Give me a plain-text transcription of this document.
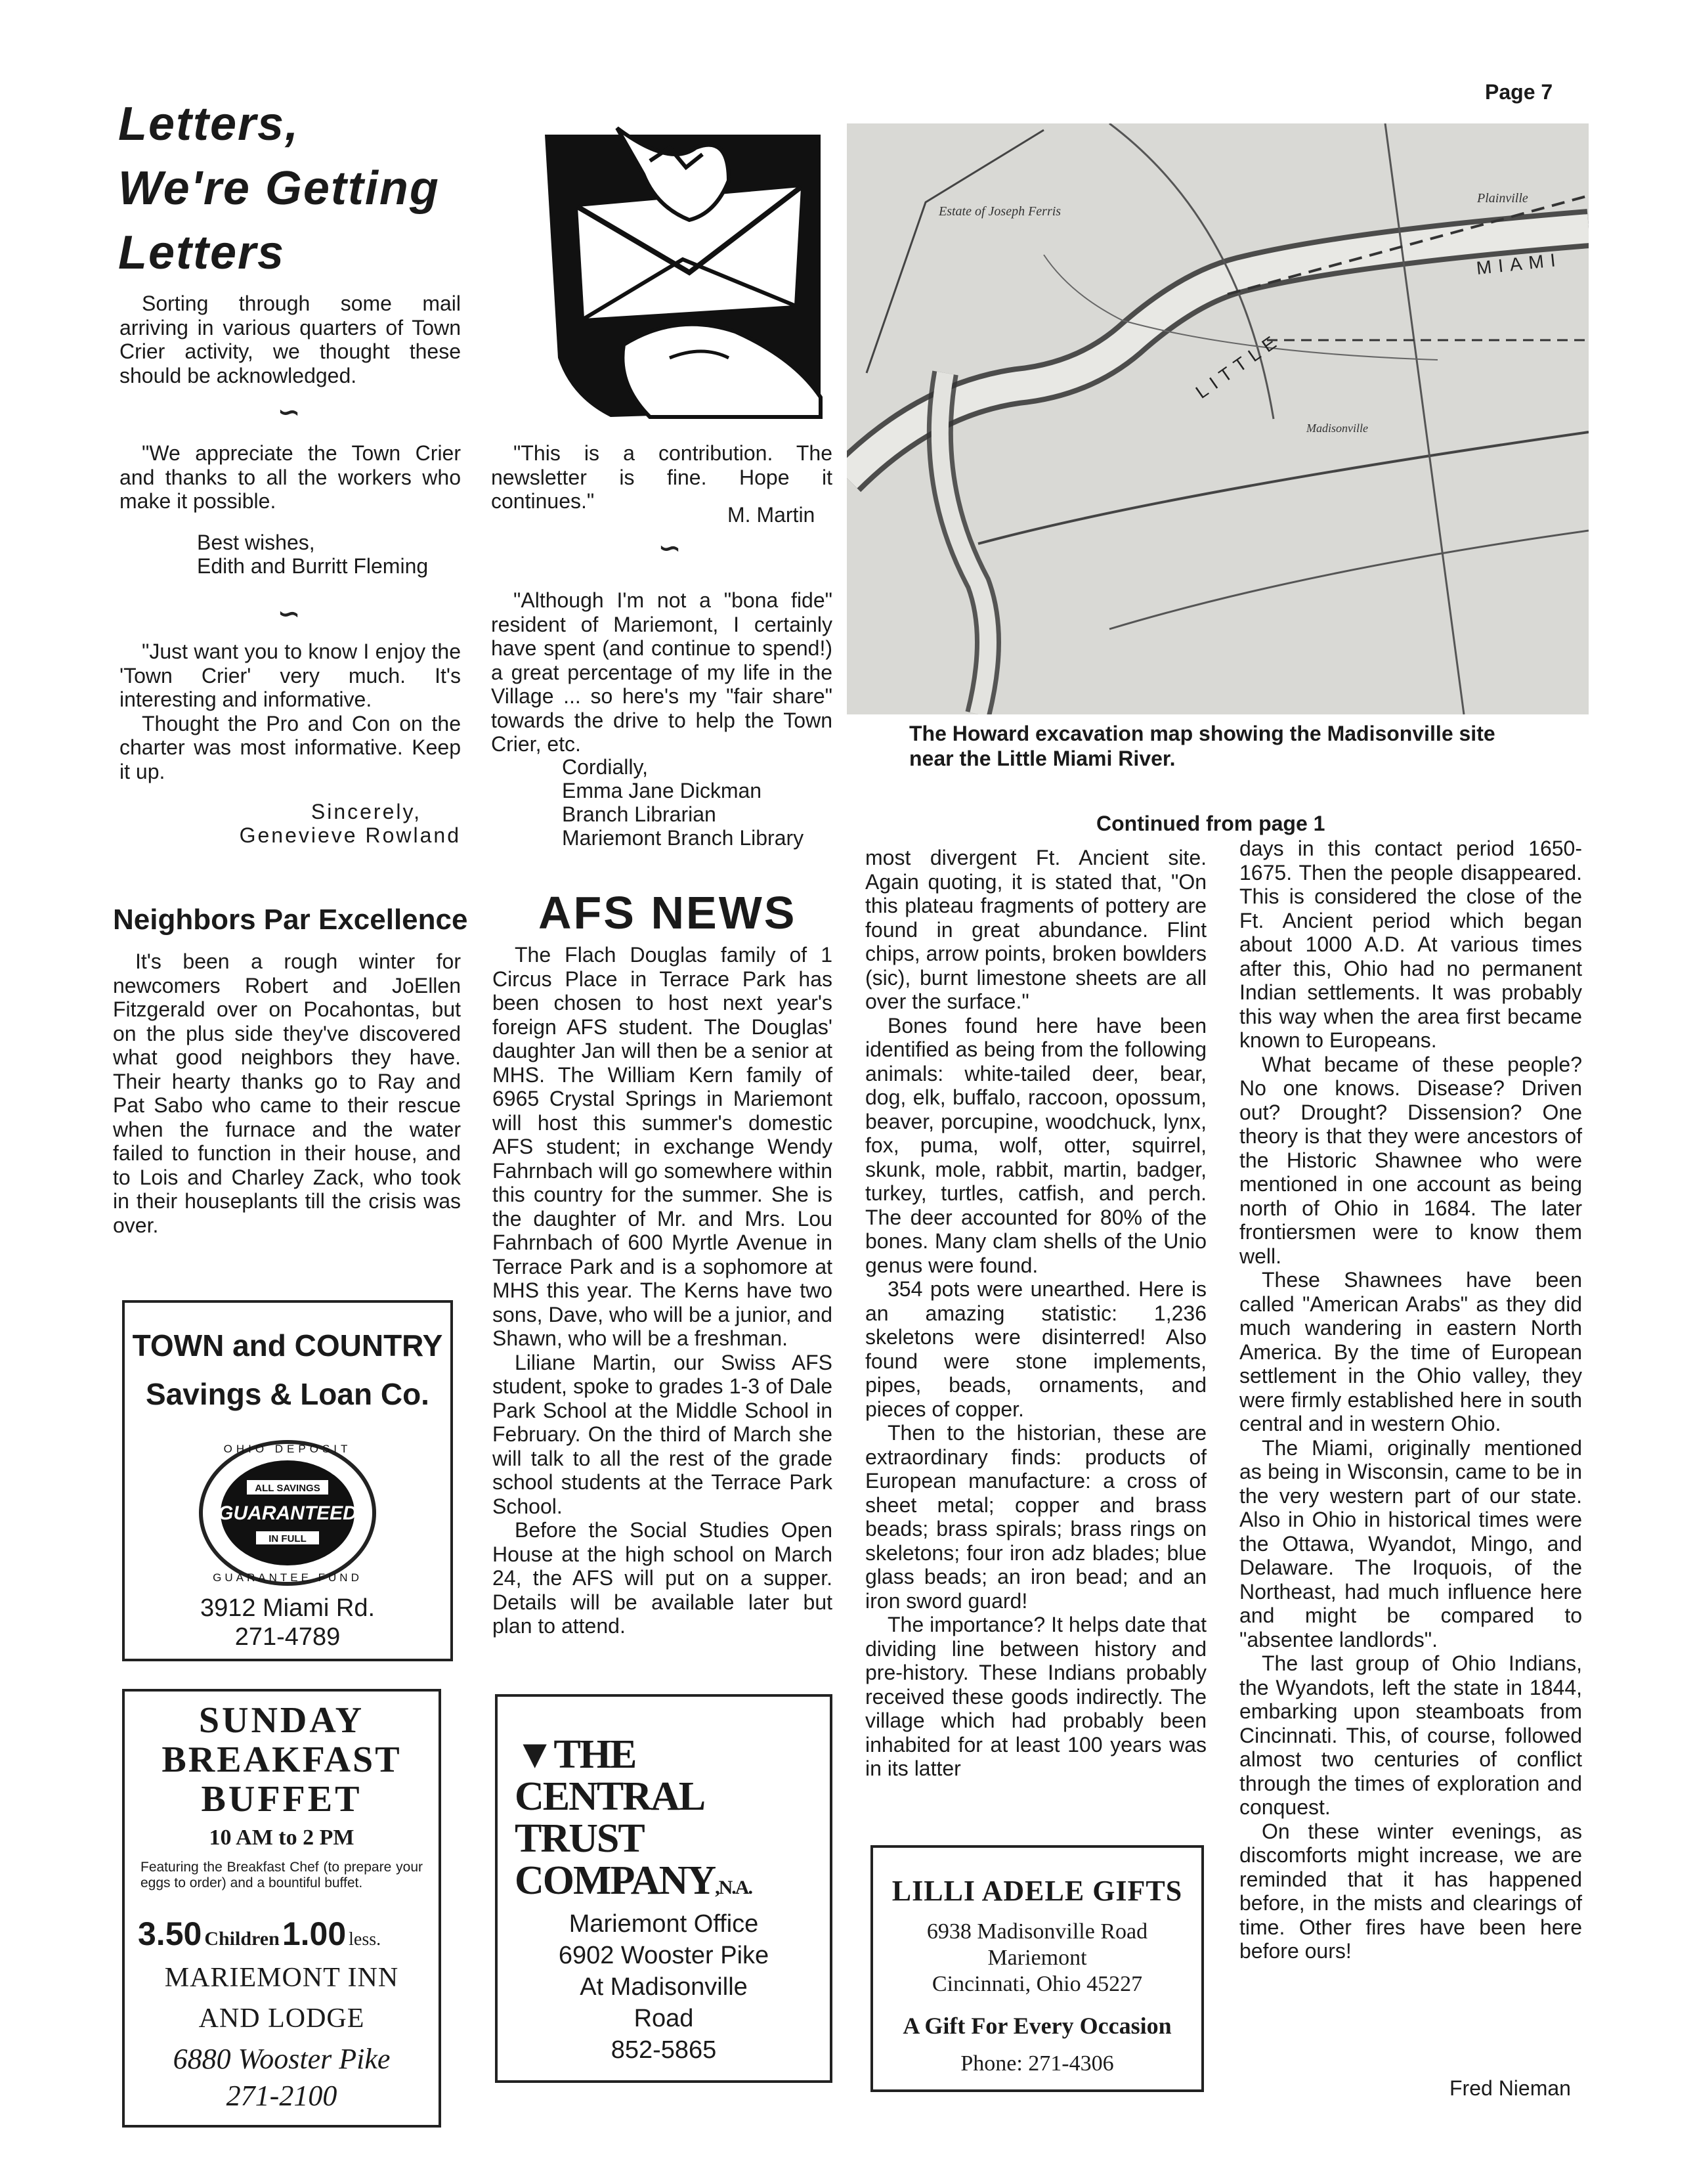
Page 7
Letters,
We're Getting
Letters

Sorting through some mail arriving in various quarters of Town Crier activity, we thought these should be acknowledged.

∽

"We appreciate the Town Crier and thanks to all the workers who make it possible.

Best wishes,
Edith and Burritt Fleming
∽

"Just want you to know I enjoy the 'Town Crier' very much. It's interesting and informative.

Thought the Pro and Con on the charter was most informative. Keep it up.

Sincerely,
Genevieve Rowland
Neighbors Par Excellence

It's been a rough winter for newcomers Robert and JoEllen Fitzgerald over on Pocahontas, but on the plus side they've discovered what good neighbors they have. Their hearty thanks go to Ray and Pat Sabo who came to their rescue when the furnace and the water failed to function in their house, and to Lois and Charley Zack, who took in their houseplants till the crisis was over.

"This is a contribution. The newsletter is fine. Hope it continues."

M. Martin
∽

"Although I'm not a "bona fide" resident of Mariemont, I certainly have spent (and continue to spend!) a great percentage of my life in the Village ... so here's my "fair share" towards the drive to help the Town Crier, etc.

Cordially,
Emma Jane Dickman
Branch Librarian
Mariemont Branch Library
AFS NEWS

The Flach Douglas family of 1 Circus Place in Terrace Park has been chosen to host next year's foreign AFS student. The Douglas' daughter Jan will then be a senior at MHS. The William Kern family of 6965 Crystal Springs in Mariemont will host this summer's domestic AFS student; in exchange Wendy Fahrnbach will go somewhere within this country for the summer. She is the daughter of Mr. and Mrs. Lou Fahrnbach of 600 Myrtle Avenue in Terrace Park and is a sophomore at MHS this year. The Kerns have two sons, Dave, who will be a junior, and Shawn, who will be a freshman.

Liliane Martin, our Swiss AFS student, spoke to grades 1-3 of Dale Park School at the Middle School in February. On the third of March she will talk to all the rest of the grade school students at the Terrace Park School.

Before the Social Studies Open House at the high school on March 24, the AFS will put on a supper. Details will be available later but plan to attend.

Estate of Joseph Ferris
MIAMI
LITTLE
Plainville
Madisonville
The Howard excavation map showing the Madisonville site near the Little Miami River.
Continued from page 1

most divergent Ft. Ancient site. Again quoting, it is stated that, "On this plateau fragments of pottery are found in great abundance. Flint chips, arrow points, broken bowlders (sic), burnt limestone sheets are all over the surface."

Bones found here have been identified as being from the following animals: white-tailed deer, bear, dog, elk, buffalo, raccoon, opossum, beaver, porcupine, woodchuck, lynx, fox, puma, wolf, otter, squirrel, skunk, mole, rabbit, martin, badger, turkey, turtles, catfish, and perch. The deer accounted for 80% of the bones. Many clam shells of the Unio genus were found.

354 pots were unearthed. Here is an amazing statistic: 1,236 skeletons were disinterred! Also found were stone implements, pipes, beads, ornaments, and pieces of copper.

Then to the historian, these are extraordinary finds: products of European manufacture: a cross of sheet metal; copper and brass beads; brass spirals; brass rings on skeletons; four iron adz blades; blue glass beads; an iron bead; and an iron sword guard!

The importance? It helps date that dividing line between history and pre-history. These Indians probably received these goods indirectly. The village which had probably been inhabited for at least 100 years was in its latter

days in this contact period 1650-1675. Then the people disappeared. This is considered the close of the Ft. Ancient period which began about 1000 A.D. At various times after this, Ohio had no permanent Indian settlements. It was probably this way when the area first became known to Europeans.

What became of these people? No one knows. Disease? Driven out? Drought? Dissension? One theory is that they were ancestors of the Historic Shawnee who were mentioned in one account as being north of Ohio in 1684. The later frontiersmen were to know them well.

These Shawnees have been called "American Arabs" as they did much wandering in eastern North America. By the time of European settlement in the Ohio valley, they were firmly established here in south central and in western Ohio.

The Miami, originally mentioned as being in Wisconsin, came to be in the very western part of our state. Also in Ohio in historical times were the Ottawa, Wyandot, Mingo, and Delaware. The Iroquois, of the Northeast, had much influence here and might be compared to "absentee landlords".

The last group of Ohio Indians, the Wyandots, left the state in 1844, embarking upon steamboats from Cincinnati. This, of course, followed almost two centuries of conflict through the times of exploration and conquest.

On these winter evenings, as discomforts might increase, we are reminded that it has happened before, in the mists and clearings of time. Other fires have been here before ours!

Fred Nieman
TOWN and COUNTRY
Savings & Loan Co.
ALL SAVINGS
GUARANTEED
IN FULL
OHIO DEPOSIT
GUARANTEE FUND
3912 Miami Rd.
271-4789
SUNDAY
BREAKFAST
BUFFET
10 AM to 2 PM
Featuring the Breakfast Chef (to prepare your eggs to order) and a bountiful buffet.
3.50 Children 1.00 less.
MARIEMONT INN
AND LODGE
6880 Wooster Pike
271-2100
▼THE
CENTRAL TRUST
COMPANY,N.A.
Mariemont Office
6902 Wooster Pike
At Madisonville
Road
852-5865
LILLI ADELE GIFTS
6938 Madisonville Road
Mariemont
Cincinnati, Ohio 45227
A Gift For Every Occasion
Phone: 271-4306
